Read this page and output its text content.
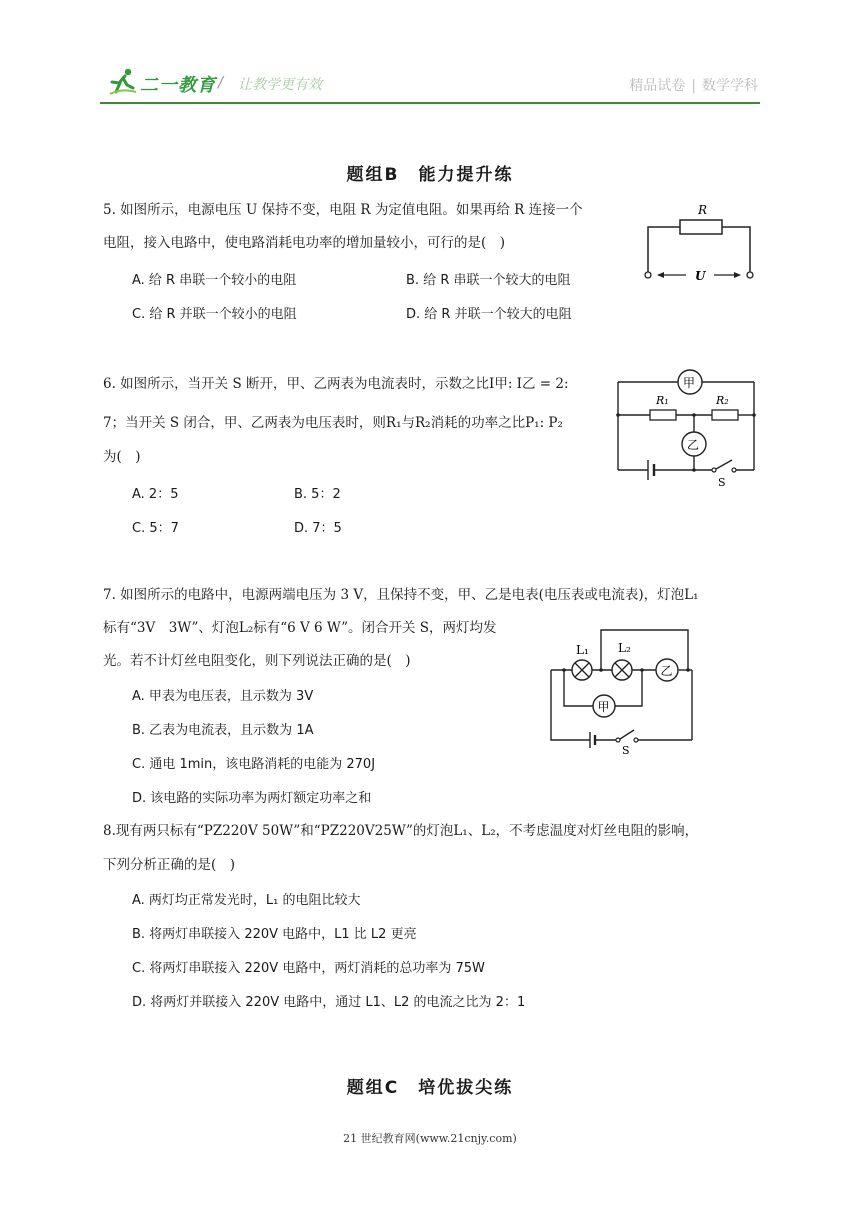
二一教育 / 让教学更有效	精品试卷 | 数学学科
题组B　能力提升练
5. 如图所示，电源电压 U 保持不变，电阻 R 为定值电阻。如果再给 R 连接一个
电阻，接入电路中，使电路消耗电功率的增加量较小，可行的是(　)
A. 给 R 串联一个较小的电阻	B. 给 R 串联一个较大的电阻
C. 给 R 并联一个较小的电阻	D. 给 R 并联一个较大的电阻
R
U
6. 如图所示，当开关 S 断开，甲、乙两表为电流表时，示数之比I甲: I乙 = 2:
7；当开关 S 闭合，甲、乙两表为电压表时，则R₁与R₂消耗的功率之比P₁: P₂
为(　)
A. 2：5	B. 5：2
C. 5：7	D. 7：5
甲
R₁	R₂
乙
S
7. 如图所示的电路中，电源两端电压为 3 V，且保持不变，甲、乙是电表(电压表或电流表)，灯泡L₁
标有“3V　3W”、灯泡L₂标有“6 V 6 W”。闭合开关 S，两灯均发
光。若不计灯丝电阻变化，则下列说法正确的是(　)
A. 甲表为电压表，且示数为 3V
B. 乙表为电流表，且示数为 1A
C. 通电 1min，该电路消耗的电能为 270J
D. 该电路的实际功率为两灯额定功率之和
L₁ L₂
乙
甲
S
8.现有两只标有“PZ220V 50W”和“PZ220V25W”的灯泡L₁、L₂，不考虑温度对灯丝电阻的影响，
下列分析正确的是(　)
A. 两灯均正常发光时，L₁ 的电阻比较大
B. 将两灯串联接入 220V 电路中，L1 比 L2 更亮
C. 将两灯串联接入 220V 电路中，两灯消耗的总功率为 75W
D. 将两灯并联接入 220V 电路中，通过 L1、L2 的电流之比为 2：1
题组C　培优拔尖练
21 世纪教育网(www.21cnjy.com)
